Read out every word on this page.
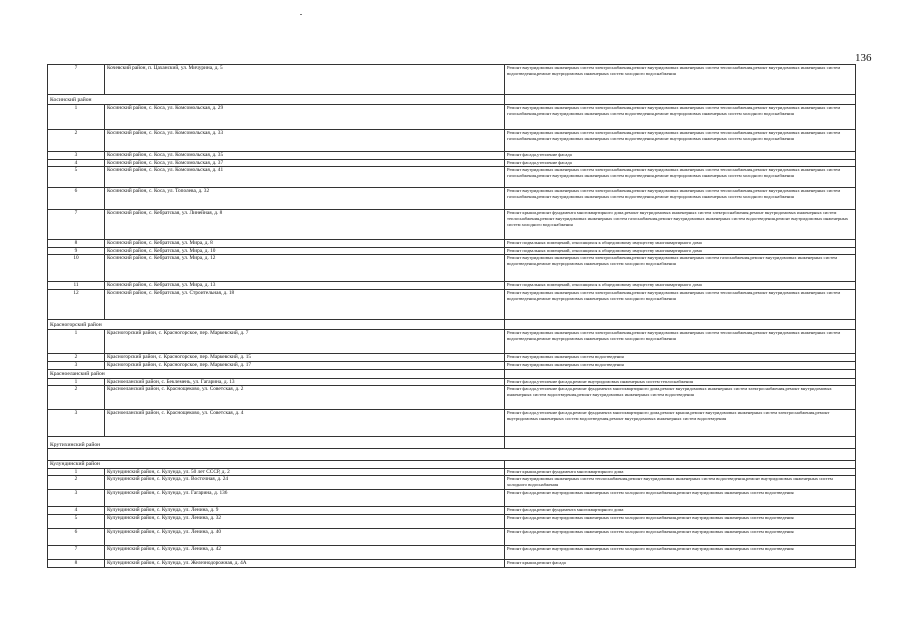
136
7	Кочевский район, п. Цаханский, ул. Мичурина, д. 5	Ремонт внутридомовых инженерных систем электроснабжения,ремонт внутридомовых инженерных систем теплоснабжения,ремонт внутридомовых инженерных систем водоотведения,ремонт внутридомовых инженерных систем холодного водоснабжения
Косинский район		
1	Косинский район, с. Коса, ул. Комсомольская, д. 29	Ремонт внутридомовых инженерных систем электроснабжения,ремонт внутридомовых инженерных систем теплоснабжения,ремонт внутридомовых инженерных систем газоснабжения,ремонт внутридомовых инженерных систем водоотведения,ремонт внутридомовых инженерных систем холодного водоснабжения
2	Косинский район, с. Коса, ул. Комсомольская, д. 33	Ремонт внутридомовых инженерных систем электроснабжения,ремонт внутридомовых инженерных систем теплоснабжения,ремонт внутридомовых инженерных систем газоснабжения,ремонт внутридомовых инженерных систем водоотведения,ремонт внутридомовых инженерных систем холодного водоснабжения
3	Косинский район, с. Коса, ул. Комсомольская, д. 35	Ремонт фасада,утепление фасада
4	Косинский район, с. Коса, ул. Комсомольская, д. 37	Ремонт фасада,утепление фасада
5	Косинский район, с. Коса, ул. Комсомольская, д. 41	Ремонт внутридомовых инженерных систем электроснабжения,ремонт внутридомовых инженерных систем теплоснабжения,ремонт внутридомовых инженерных систем газоснабжения,ремонт внутридомовых инженерных систем водоотведения,ремонт внутридомовых инженерных систем холодного водоснабжения
6	Косинский район, с. Коса, ул. Тополева, д. 32	Ремонт внутридомовых инженерных систем электроснабжения,ремонт внутридомовых инженерных систем теплоснабжения,ремонт внутридомовых инженерных систем газоснабжения,ремонт внутридомовых инженерных систем водоотведения,ремонт внутридомовых инженерных систем холодного водоснабжения
7	Косинский район, с. Кебратская, ул. Линейная, д. 8	Ремонт крыши,ремонт фундамента многоквартирного дома,ремонт внутридомовых инженерных систем электроснабжения,ремонт внутридомовых инженерных систем теплоснабжения,ремонт внутридомовых инженерных систем газоснабжения,ремонт внутридомовых инженерных систем водоотведения,ремонт внутридомовых инженерных систем холодного водоснабжения
8	Косинский район, с. Кебратская, ул. Мира, д. 8	Ремонт подвальных помещений, относящихся к общедомовому имуществу многоквартирного дома
9	Косинский район, с. Кебратская, ул. Мира, д. 10	Ремонт подвальных помещений, относящихся к общедомовому имуществу многоквартирного дома
10	Косинский район, с. Кебратская, ул. Мира, д. 12	Ремонт внутридомовых инженерных систем электроснабжения,ремонт внутридомовых инженерных систем газоснабжения,ремонт внутридомовых инженерных систем водоотведения,ремонт внутридомовых инженерных систем холодного водоснабжения
11	Косинский район, с. Кебратская, ул. Мира, д. 13	Ремонт подвальных помещений, относящихся к общедомовому имуществу многоквартирного дома
12	Косинский район, с. Кебратская, ул. Строительная, д. 18	Ремонт внутридомовых инженерных систем электроснабжения,ремонт внутридомовых инженерных систем теплоснабжения,ремонт внутридомовых инженерных систем водоотведения,ремонт внутридомовых инженерных систем холодного водоснабжения
Красногорский район		
1	Красногорский район, с. Красногорское, пер. Маркевский, д. 7	Ремонт внутридомовых инженерных систем электроснабжения,ремонт внутридомовых инженерных систем теплоснабжения,ремонт внутридомовых инженерных систем водоотведения,ремонт внутридомовых инженерных систем холодного водоснабжения
2	Красногорский район, с. Красногорское, пер. Маркевский, д. 15	Ремонт внутридомовых инженерных систем водоотведения
3	Красногорский район, с. Красногорское, пер. Маркевский, д. 17	Ремонт внутридомовых инженерных систем водоотведения
Красноеланский район		
1	Красноеланский район, с. Беклемень, ул. Гагарина, д. 13	Ремонт фасада,утепление фасада,ремонт внутридомовых инженерных систем теплоснабжения
2	Красноеланский район, с. Краснощеково, ул. Советская, д. 2	Ремонт фасада,утепление фасада,ремонт фундамента многоквартирного дома,ремонт внутридомовых инженерных систем электроснабжения,ремонт внутридомовых инженерных систем водоотведения,ремонт внутридомовых инженерных систем водоотведения
3	Красноеланский район, с. Краснощеково, ул. Советская, д. 4	Ремонт фасада,утепление фасада,ремонт фундамента многоквартирного дома,ремонт крыши,ремонт внутридомовых инженерных систем электроснабжения,ремонт внутридомовых инженерных систем водоотведения,ремонт внутридомовых инженерных систем водоотведения
Крутихинский район		

Кулундинский район		
1	Кулундинский район, с. Кулунда, ул. 50 лет СССР, д. 2	Ремонт крыши,ремонт фундамента многоквартирного дома
2	Кулундинский район, с. Кулунда, ул. Восточная, д. 24	Ремонт внутридомовых инженерных систем теплоснабжения,ремонт внутридомовых инженерных систем водоотведения,ремонт внутридомовых инженерных систем холодного водоснабжения
3	Кулундинский район, с. Кулунда, ул. Гагарина, д. 136	Ремонт фасада,ремонт внутридомовых инженерных систем холодного водоснабжения,ремонт внутридомовых инженерных систем водоотведения
4	Кулундинский район, с. Кулунда, ул. Ленина, д. 9	Ремонт фасада,ремонт фундамента многоквартирного дома
5	Кулундинский район, с. Кулунда, ул. Ленина, д. 32	Ремонт фасада,ремонт внутридомовых инженерных систем холодного водоснабжения,ремонт внутридомовых инженерных систем водоотведения
6	Кулундинский район, с. Кулунда, ул. Ленина, д. 40	Ремонт фасада,ремонт внутридомовых инженерных систем холодного водоснабжения,ремонт внутридомовых инженерных систем водоотведения
7	Кулундинский район, с. Кулунда, ул. Ленина, д. 42	Ремонт фасада,ремонт внутридомовых инженерных систем холодного водоснабжения,ремонт внутридомовых инженерных систем водоотведения
8	Кулундинский район, с. Кулунда, ул. Железнодорожная, д. 4А	Ремонт крыши,ремонт фасада
